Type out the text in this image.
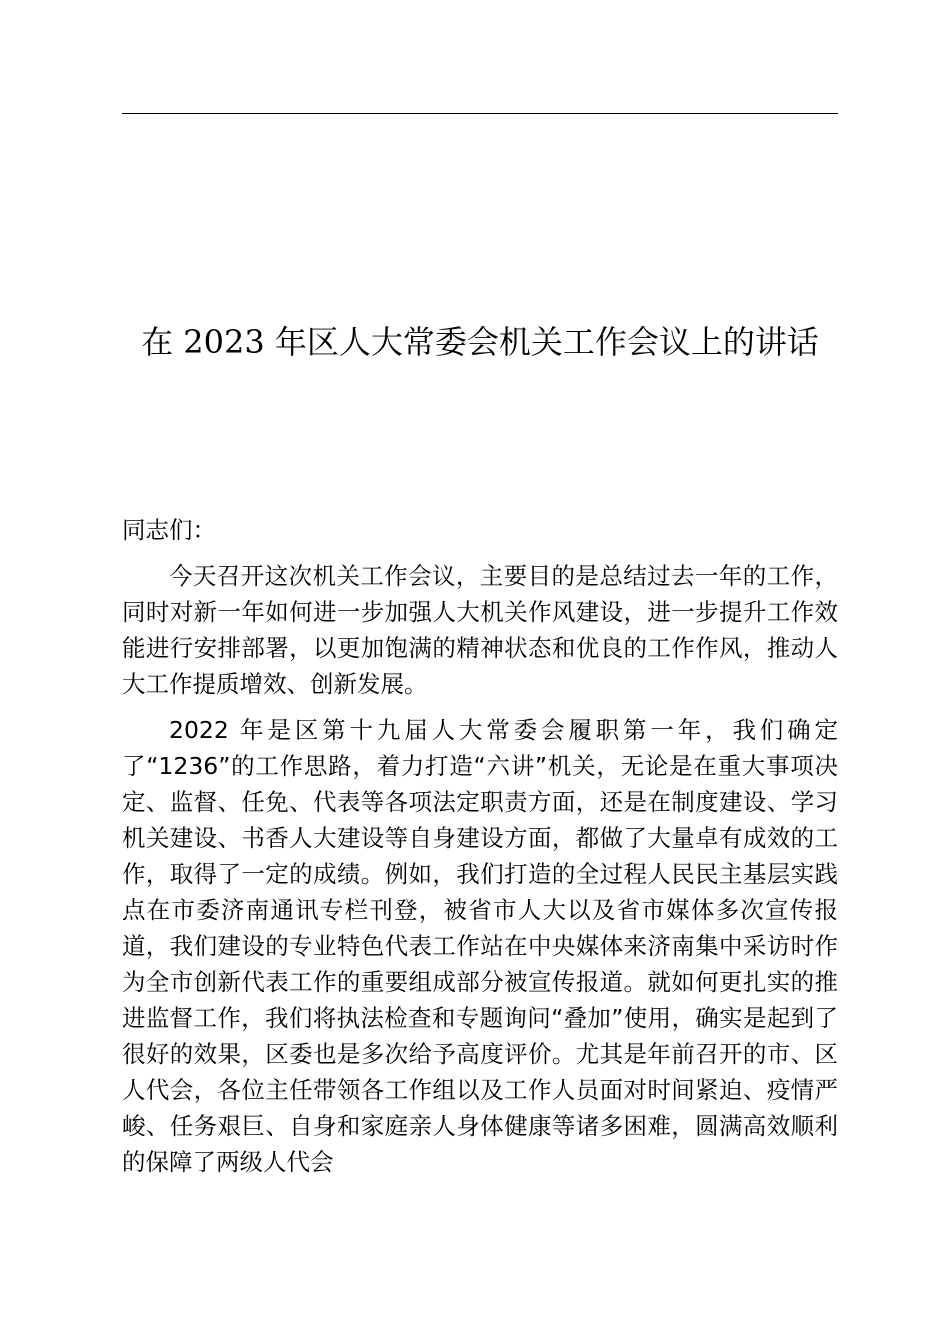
在 2023 年区人大常委会机关工作会议上的讲话

同志们：

今天召开这次机关工作会议，主要目的是总结过去一年的工作，同时对新一年如何进一步加强人大机关作风建设，进一步提升工作效能进行安排部署，以更加饱满的精神状态和优良的工作作风，推动人大工作提质增效、创新发展。

2022 年是区第十九届人大常委会履职第一年，我们确定了“1236”的工作思路，着力打造“六讲”机关，无论是在重大事项决定、监督、任免、代表等各项法定职责方面，还是在制度建设、学习机关建设、书香人大建设等自身建设方面，都做了大量卓有成效的工作，取得了一定的成绩。例如，我们打造的全过程人民民主基层实践点在市委济南通讯专栏刊登，被省市人大以及省市媒体多次宣传报道，我们建设的专业特色代表工作站在中央媒体来济南集中采访时作为全市创新代表工作的重要组成部分被宣传报道。就如何更扎实的推进监督工作，我们将执法检查和专题询问“叠加”使用，确实是起到了很好的效果，区委也是多次给予高度评价。尤其是年前召开的市、区人代会，各位主任带领各工作组以及工作人员面对时间紧迫、疫情严峻、任务艰巨、自身和家庭亲人身体健康等诸多困难，圆满高效顺利的保障了两级人代会
